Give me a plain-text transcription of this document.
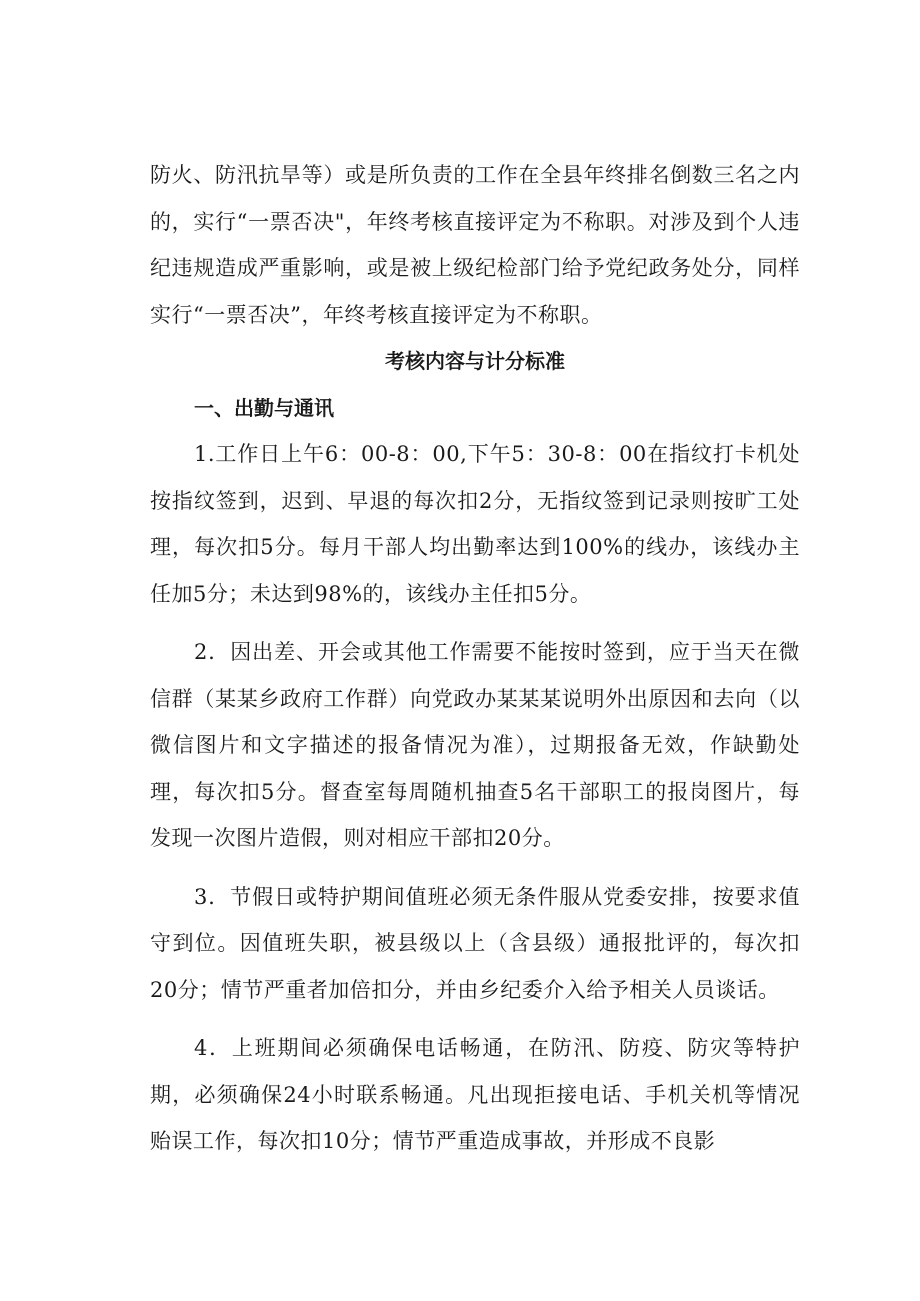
防火、防汛抗旱等）或是所负责的工作在全县年终排名倒数三名之内的，实行“一票否决"，年终考核直接评定为不称职。对涉及到个人违纪违规造成严重影响，或是被上级纪检部门给予党纪政务处分，同样实行“一票否决”，年终考核直接评定为不称职。

考核内容与计分标准
一、出勤与通讯

1.工作日上午6：00-8：00,下午5：30-8：00在指纹打卡机处按指纹签到，迟到、早退的每次扣2分，无指纹签到记录则按旷工处理，每次扣5分。每月干部人均出勤率达到100%的线办，该线办主任加5分；未达到98%的，该线办主任扣5分。

2．因出差、开会或其他工作需要不能按时签到，应于当天在微信群（某某乡政府工作群）向党政办某某某说明外出原因和去向（以微信图片和文字描述的报备情况为准），过期报备无效，作缺勤处理，每次扣5分。督查室每周随机抽查5名干部职工的报岗图片，每发现一次图片造假，则对相应干部扣20分。

3．节假日或特护期间值班必须无条件服从党委安排，按要求值守到位。因值班失职，被县级以上（含县级）通报批评的，每次扣20分；情节严重者加倍扣分，并由乡纪委介入给予相关人员谈话。

4．上班期间必须确保电话畅通，在防汛、防疫、防灾等特护期，必须确保24小时联系畅通。凡出现拒接电话、手机关机等情况贻误工作，每次扣10分；情节严重造成事故，并形成不良影
